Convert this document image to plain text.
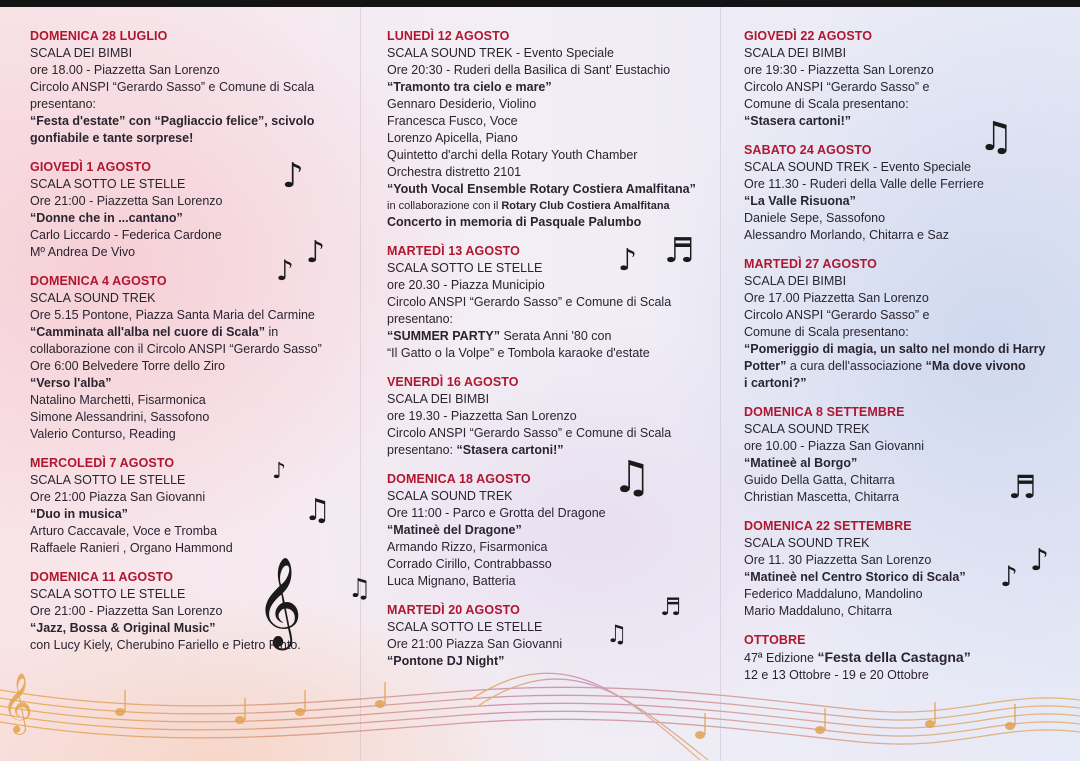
𝄞
♪
♪
♪
♪
♫
♫
♪ ♬
♫
♬
♫
♫
♬
♪
♪
𝄞
DOMENICA 28 LUGLIO
SCALA DEI BIMBI
ore 18.00 - Piazzetta San Lorenzo
Circolo ANSPI “Gerardo Sasso” e Comune di Scala
presentano:
“Festa d'estate” con “Pagliaccio felice”, scivolo
gonfiabile e tante sorprese!
GIOVEDÌ 1 AGOSTO
SCALA SOTTO LE STELLE
Ore 21:00 - Piazzetta San Lorenzo
“Donne che in ...cantano”
Carlo Liccardo - Federica Cardone
Mº Andrea De Vivo
DOMENICA 4 AGOSTO
SCALA SOUND TREK
Ore 5.15 Pontone, Piazza Santa Maria del Carmine
“Camminata all'alba nel cuore di Scala” in
collaborazione con il Circolo ANSPI “Gerardo Sasso”
Ore 6:00 Belvedere Torre dello Ziro
“Verso l'alba”
Natalino Marchetti, Fisarmonica
Simone Alessandrini, Sassofono
Valerio Conturso, Reading
MERCOLEDÌ 7 AGOSTO
SCALA SOTTO LE STELLE
Ore 21:00 Piazza San Giovanni
“Duo in musica”
Arturo Caccavale, Voce e Tromba
Raffaele Ranieri , Organo Hammond
DOMENICA 11 AGOSTO
SCALA SOTTO LE STELLE
Ore 21:00 - Piazzetta San Lorenzo
“Jazz, Bossa & Original Music”
con Lucy Kiely, Cherubino Fariello e Pietro Pinto.
LUNEDÌ 12 AGOSTO
SCALA SOUND TREK - Evento Speciale
Ore 20:30 - Ruderi della Basilica di Sant' Eustachio
“Tramonto tra cielo e mare”
Gennaro Desiderio, Violino
Francesca Fusco, Voce
Lorenzo Apicella, Piano
Quintetto d'archi della Rotary Youth Chamber
Orchestra distretto 2101
“Youth Vocal Ensemble Rotary Costiera Amalfitana”
in collaborazione con il Rotary Club Costiera Amalfitana
Concerto in memoria di Pasquale Palumbo
MARTEDÌ 13 AGOSTO
SCALA SOTTO LE STELLE
ore 20.30 - Piazza Municipio
Circolo ANSPI “Gerardo Sasso” e Comune di Scala
presentano:
“SUMMER PARTY” Serata Anni '80 con
“Il Gatto o la Volpe” e Tombola karaoke d'estate
VENERDÌ 16 AGOSTO
SCALA DEI BIMBI
ore 19.30 - Piazzetta San Lorenzo
Circolo ANSPI “Gerardo Sasso” e Comune di Scala
presentano: “Stasera cartoni!”
DOMENICA 18 AGOSTO
SCALA SOUND TREK
Ore 11:00 - Parco e Grotta del Dragone
“Matineè del Dragone”
Armando Rizzo, Fisarmonica
Corrado Cirillo, Contrabbasso
Luca Mignano, Batteria
MARTEDÌ 20 AGOSTO
SCALA SOTTO LE STELLE
Ore 21:00 Piazza San Giovanni
“Pontone DJ Night”
GIOVEDÌ 22 AGOSTO
SCALA DEI BIMBI
ore 19:30 - Piazzetta San Lorenzo
Circolo ANSPI “Gerardo Sasso” e
Comune di Scala presentano:
“Stasera cartoni!”
SABATO 24 AGOSTO
SCALA SOUND TREK - Evento Speciale
Ore 11.30 - Ruderi della Valle delle Ferriere
“La Valle Risuona”
Daniele Sepe, Sassofono
Alessandro Morlando, Chitarra e Saz
MARTEDÌ 27 AGOSTO
SCALA DEI BIMBI
Ore 17.00 Piazzetta San Lorenzo
Circolo ANSPI “Gerardo Sasso” e
Comune di Scala presentano:
“Pomeriggio di magia, un salto nel mondo di Harry
Potter” a cura dell'associazione “Ma dove vivono
i cartoni?”
DOMENICA 8 SETTEMBRE
SCALA SOUND TREK
ore 10.00 - Piazza San Giovanni
“Matineè al Borgo”
Guido Della Gatta, Chitarra
Christian Mascetta, Chitarra
DOMENICA 22 SETTEMBRE
SCALA SOUND TREK
Ore 11. 30 Piazzetta San Lorenzo
“Matineè nel Centro Storico di Scala”
Federico Maddaluno, Mandolino
Mario Maddaluno, Chitarra
OTTOBRE
47ª Edizione “Festa della Castagna”
12 e 13 Ottobre - 19 e 20 Ottobre
